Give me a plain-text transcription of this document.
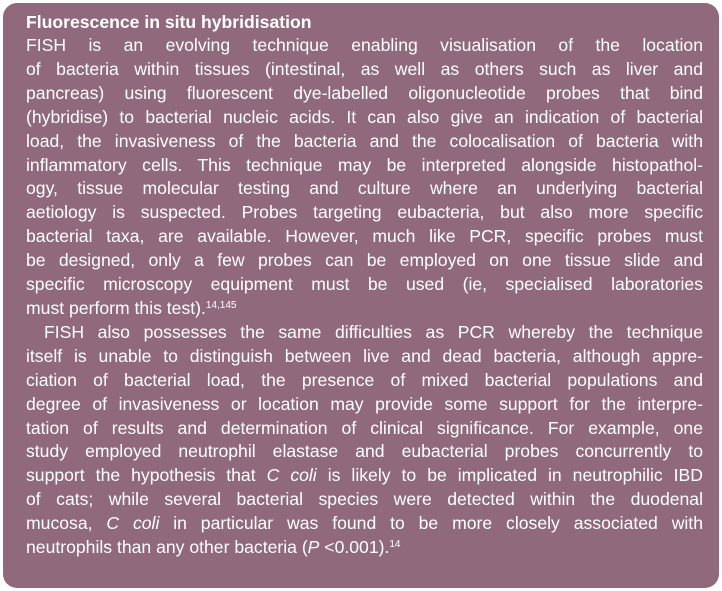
Fluorescence in situ hybridisation
FISH is an evolving technique enabling visualisation of the location
of bacteria within tissues (intestinal, as well as others such as liver and
pancreas) using fluorescent dye-labelled oligonucleotide probes that bind
(hybridise) to bacterial nucleic acids. It can also give an indication of bacterial
load, the invasiveness of the bacteria and the colocalisation of bacteria with
inflammatory cells. This technique may be interpreted alongside histopathol-
ogy, tissue molecular testing and culture where an underlying bacterial
aetiology is suspected. Probes targeting eubacteria, but also more specific
bacterial taxa, are available. However, much like PCR, specific probes must
be designed, only a few probes can be employed on one tissue slide and
specific microscopy equipment must be used (ie, specialised laboratories
must perform this test).$^{14,145}$
FISH also possesses the same difficulties as PCR whereby the technique
itself is unable to distinguish between live and dead bacteria, although appre-
ciation of bacterial load, the presence of mixed bacterial populations and
degree of invasiveness or location may provide some support for the interpre-
tation of results and determination of clinical significance. For example, one
study employed neutrophil elastase and eubacterial probes concurrently to
support the hypothesis that C coli is likely to be implicated in neutrophilic IBD
of cats; while several bacterial species were detected within the duodenal
mucosa, C coli in particular was found to be more closely associated with
neutrophils than any other bacteria (P <0.001).$^{14}$
